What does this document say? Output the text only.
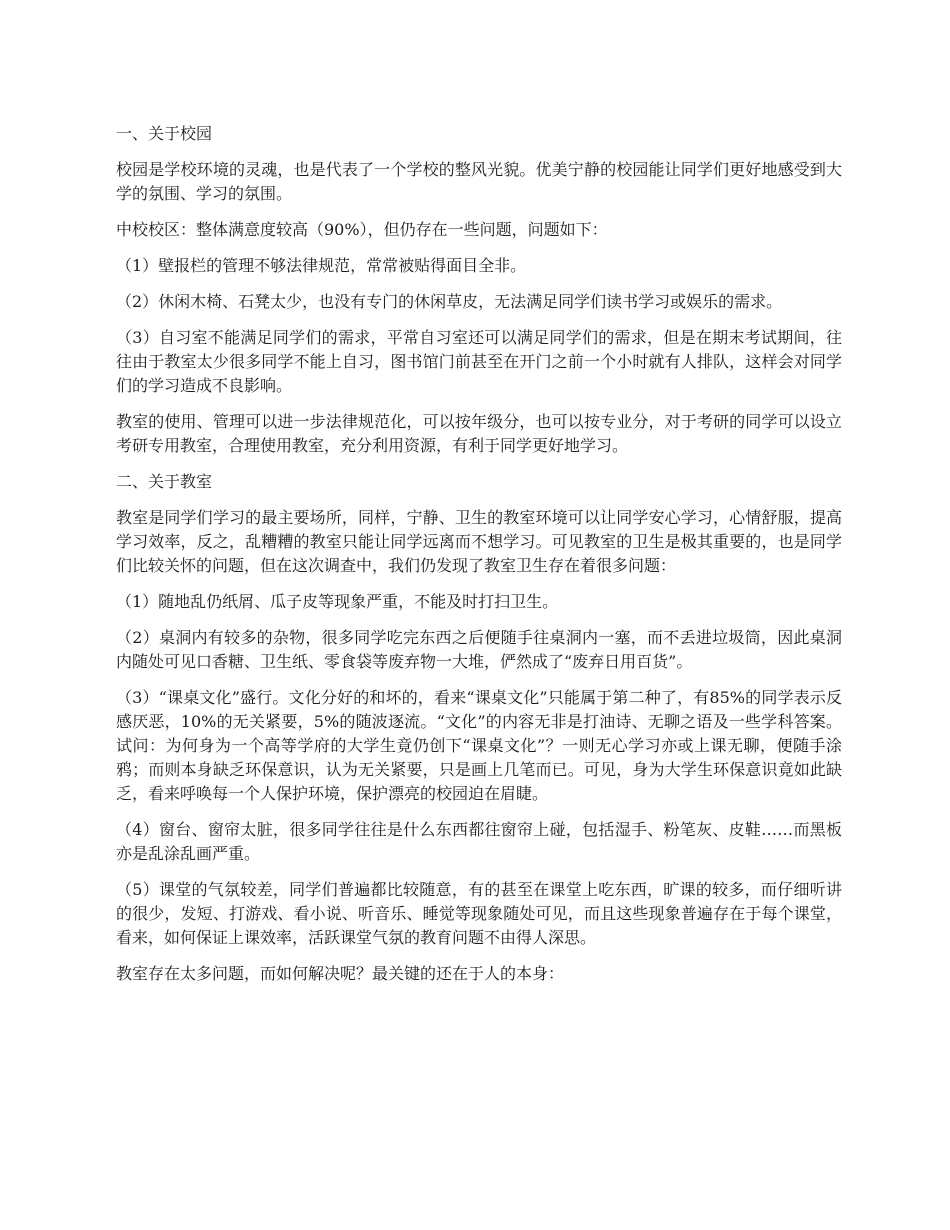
一、关于校园

校园是学校环境的灵魂，也是代表了一个学校的整风光貌。优美宁静的校园能让同学们更好地感受到大学的氛围、学习的氛围。

中校校区：整体满意度较高（90%），但仍存在一些问题，问题如下：

（1）壁报栏的管理不够法律规范，常常被贴得面目全非。

（2）休闲木椅、石凳太少，也没有专门的休闲草皮，无法满足同学们读书学习或娱乐的需求。

（3）自习室不能满足同学们的需求，平常自习室还可以满足同学们的需求，但是在期末考试期间，往往由于教室太少很多同学不能上自习，图书馆门前甚至在开门之前一个小时就有人排队，这样会对同学们的学习造成不良影响。

教室的使用、管理可以进一步法律规范化，可以按年级分，也可以按专业分，对于考研的同学可以设立考研专用教室，合理使用教室，充分利用资源，有利于同学更好地学习。

二、关于教室

教室是同学们学习的最主要场所，同样，宁静、卫生的教室环境可以让同学安心学习，心情舒服，提高学习效率，反之，乱糟糟的教室只能让同学远离而不想学习。可见教室的卫生是极其重要的，也是同学们比较关怀的问题，但在这次调查中，我们仍发现了教室卫生存在着很多问题：

（1）随地乱仍纸屑、瓜子皮等现象严重，不能及时打扫卫生。

（2）桌洞内有较多的杂物，很多同学吃完东西之后便随手往桌洞内一塞，而不丢进垃圾筒，因此桌洞内随处可见口香糖、卫生纸、零食袋等废弃物一大堆，俨然成了“废弃日用百货”。

（3）“课桌文化”盛行。文化分好的和坏的，看来“课桌文化”只能属于第二种了，有85%的同学表示反感厌恶，10%的无关紧要，5%的随波逐流。“文化”的内容无非是打油诗、无聊之语及一些学科答案。试问：为何身为一个高等学府的大学生竟仍创下“课桌文化”？一则无心学习亦或上课无聊，便随手涂鸦；而则本身缺乏环保意识，认为无关紧要，只是画上几笔而已。可见，身为大学生环保意识竟如此缺乏，看来呼唤每一个人保护环境，保护漂亮的校园迫在眉睫。

（4）窗台、窗帘太脏，很多同学往往是什么东西都往窗帘上碰，包括湿手、粉笔灰、皮鞋……而黑板亦是乱涂乱画严重。

（5）课堂的气氛较差，同学们普遍都比较随意，有的甚至在课堂上吃东西，旷课的较多，而仔细听讲的很少，发短、打游戏、看小说、听音乐、睡觉等现象随处可见，而且这些现象普遍存在于每个课堂，看来，如何保证上课效率，活跃课堂气氛的教育问题不由得人深思。

教室存在太多问题，而如何解决呢？最关键的还在于人的本身：
